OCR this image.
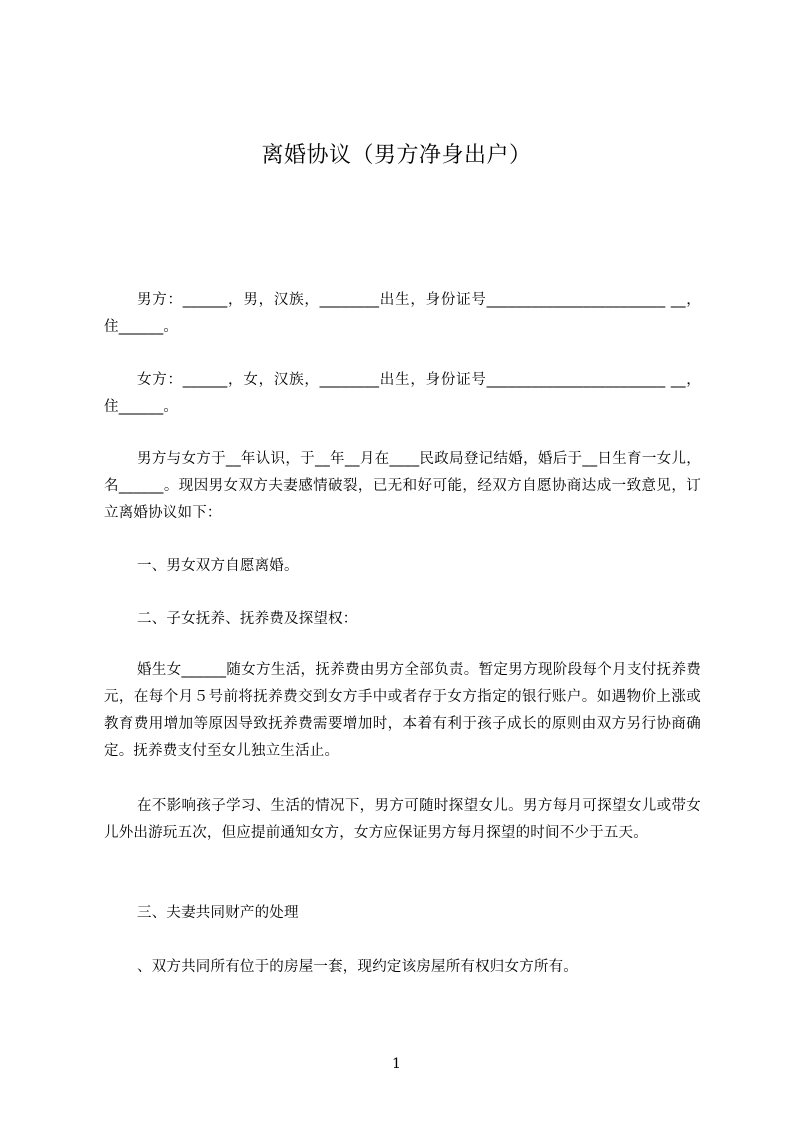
离婚协议（男方净身出户）

男方：______，男，汉族，________出生，身份证号________________________ __，住______。

女方：______，女，汉族，________出生，身份证号________________________ __，住______。

男方与女方于__年认识，于__年__月在____民政局登记结婚，婚后于__日生育一女儿，名______。现因男女双方夫妻感情破裂，已无和好可能，经双方自愿协商达成一致意见，订立离婚协议如下：

一、男女双方自愿离婚。

二、子女抚养、抚养费及探望权：

婚生女______随女方生活，抚养费由男方全部负责。暂定男方现阶段每个月支付抚养费元，在每个月５号前将抚养费交到女方手中或者存于女方指定的银行账户。如遇物价上涨或教育费用增加等原因导致抚养费需要增加时，本着有利于孩子成长的原则由双方另行协商确定。抚养费支付至女儿独立生活止。

在不影响孩子学习、生活的情况下，男方可随时探望女儿。男方每月可探望女儿或带女儿外出游玩五次，但应提前通知女方，女方应保证男方每月探望的时间不少于五天。

三、夫妻共同财产的处理

、双方共同所有位于的房屋一套，现约定该房屋所有权归女方所有。

1
